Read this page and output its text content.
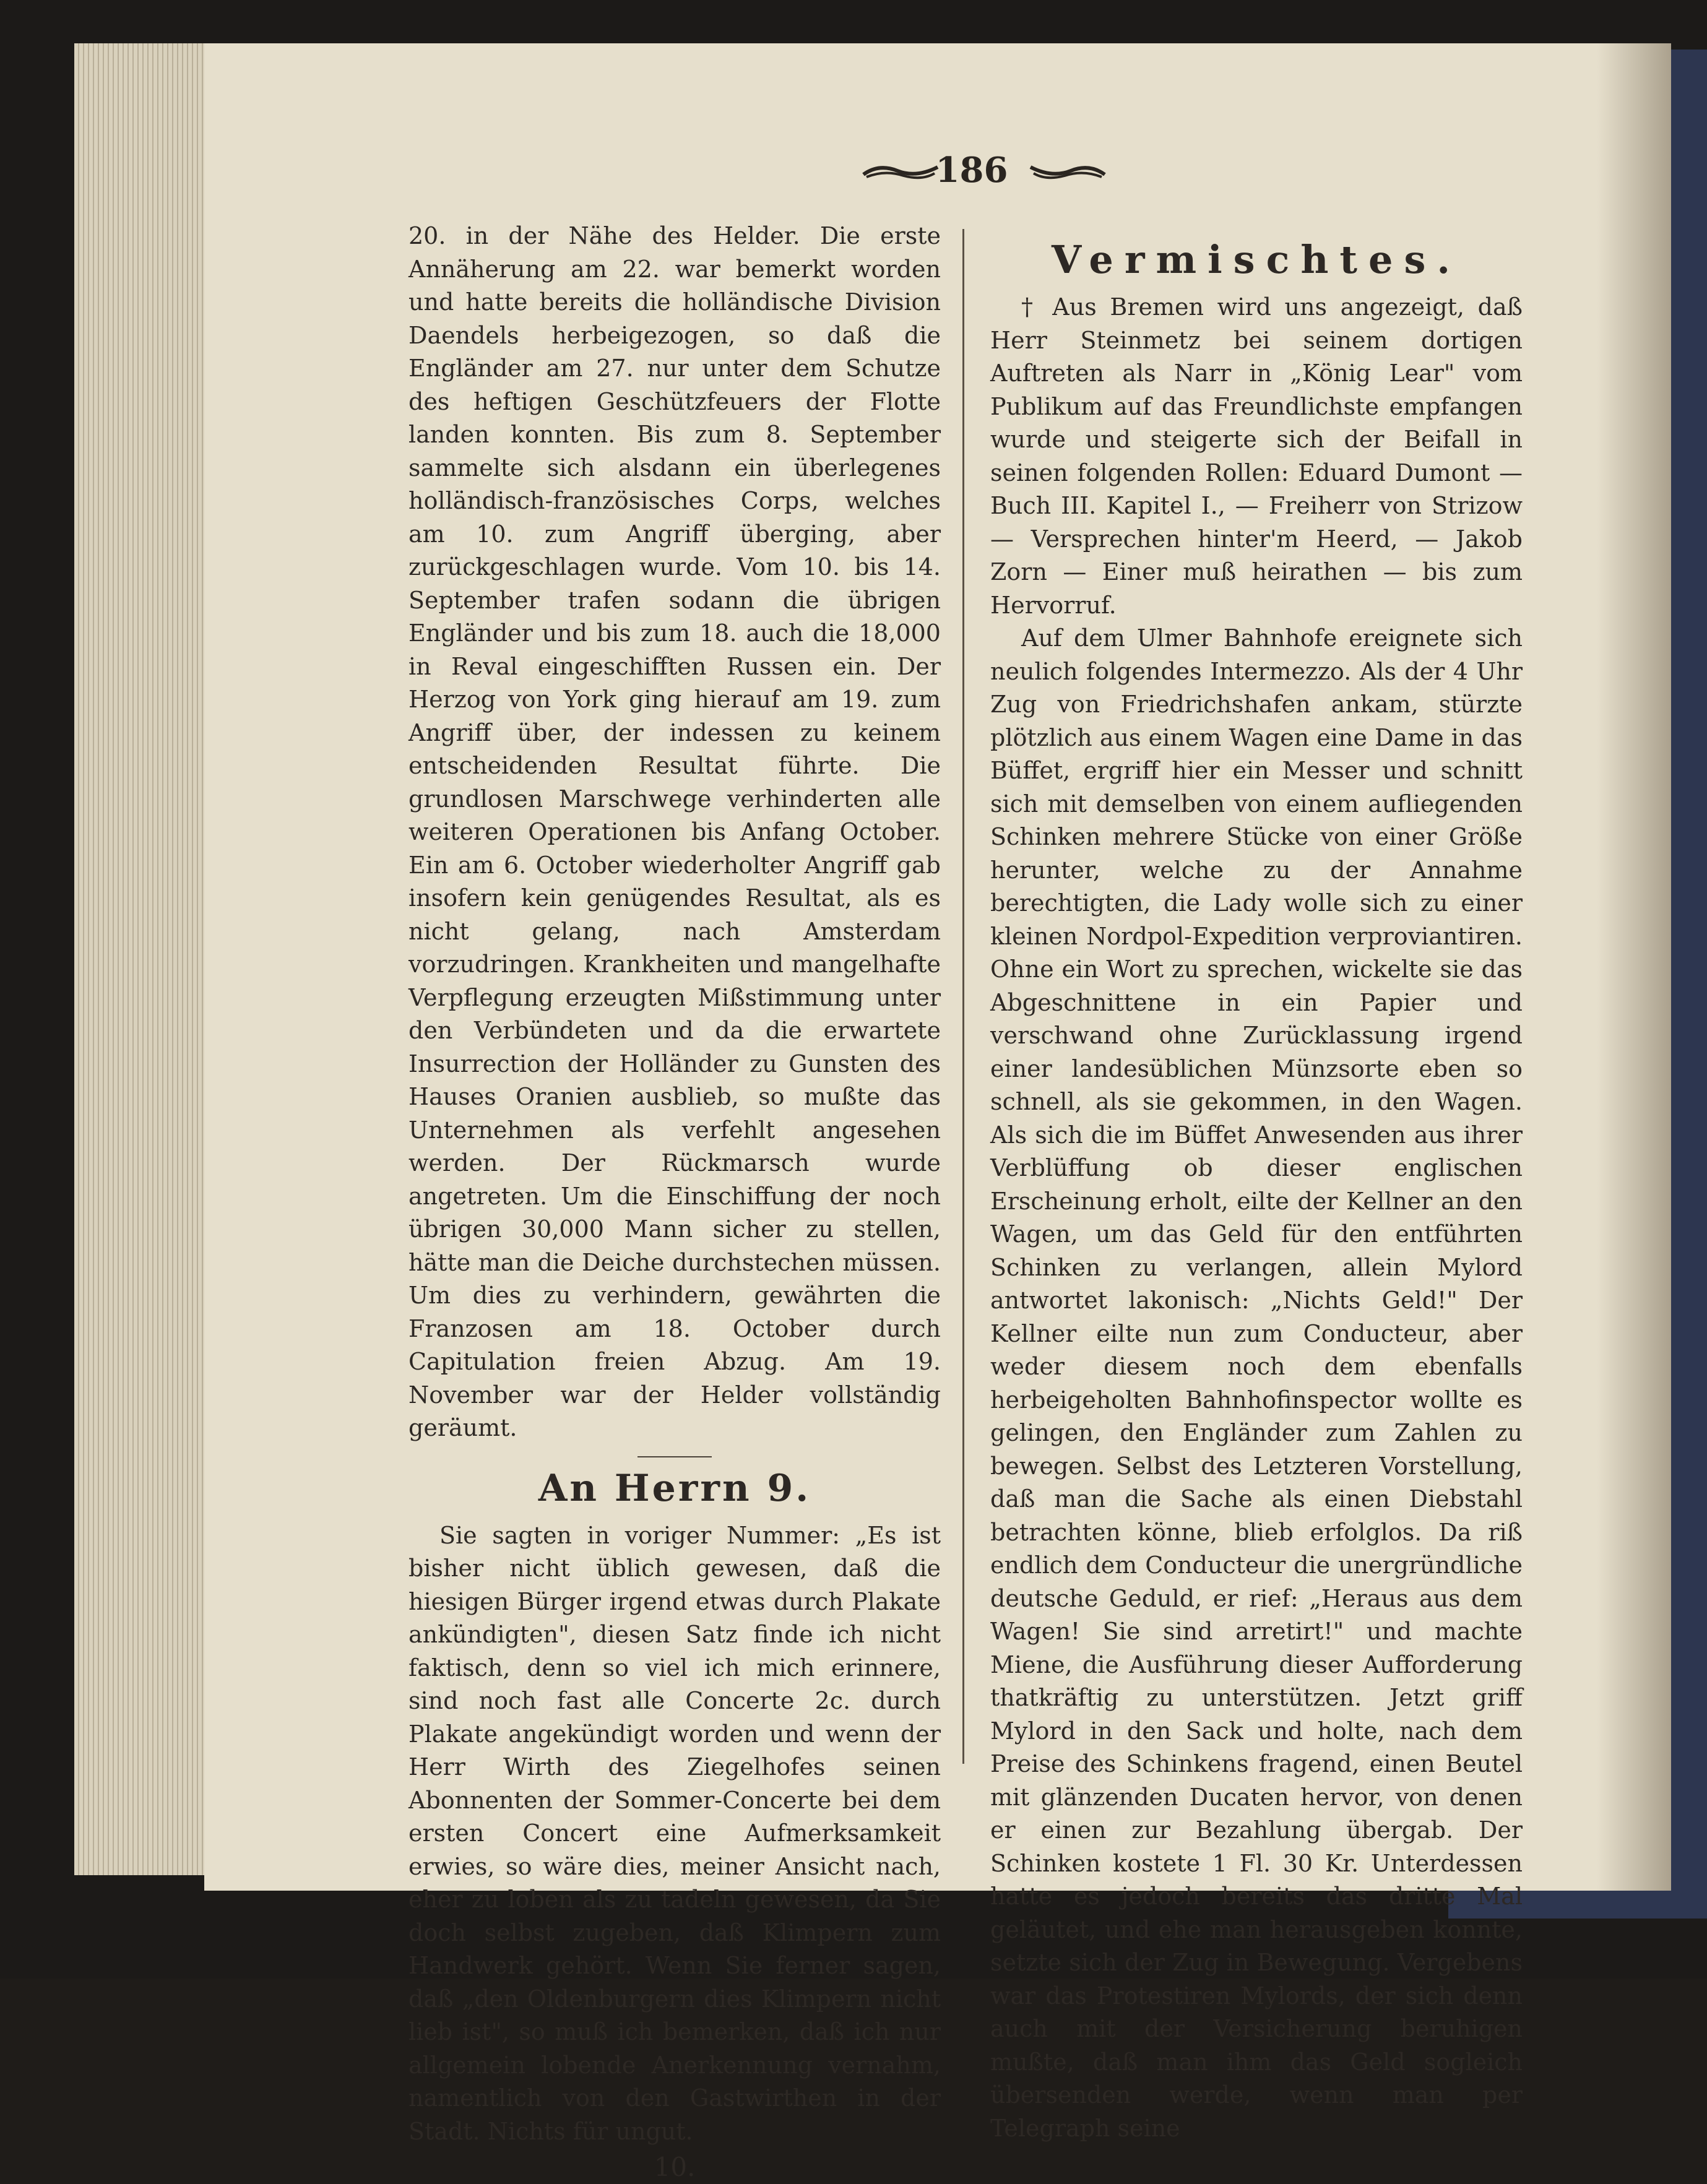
186

20. in der Nähe des Helder. Die erste Annäherung am 22. war bemerkt worden und hatte bereits die holländische Division Daendels herbeigezogen, so daß die Engländer am 27. nur unter dem Schutze des heftigen Geschützfeuers der Flotte landen konnten. Bis zum 8. September sammelte sich alsdann ein überlegenes holländisch-französisches Corps, welches am 10. zum Angriff überging, aber zurückgeschlagen wurde. Vom 10. bis 14. September trafen sodann die übrigen Engländer und bis zum 18. auch die 18,000 in Reval eingeschifften Russen ein. Der Herzog von York ging hierauf am 19. zum Angriff über, der indessen zu keinem entscheidenden Resultat führte. Die grundlosen Marschwege verhinderten alle weiteren Operationen bis Anfang October. Ein am 6. October wiederholter Angriff gab insofern kein genügendes Resultat, als es nicht gelang, nach Amsterdam vorzudringen. Krankheiten und mangelhafte Verpflegung erzeugten Mißstimmung unter den Verbündeten und da die erwartete Insurrection der Holländer zu Gunsten des Hauses Oranien ausblieb, so mußte das Unternehmen als verfehlt angesehen werden. Der Rückmarsch wurde angetreten. Um die Einschiffung der noch übrigen 30,000 Mann sicher zu stellen, hätte man die Deiche durchstechen müssen. Um dies zu verhindern, gewährten die Franzosen am 18. October durch Capitulation freien Abzug. Am 19. November war der Helder vollständig geräumt.

An Herrn 9.

Sie sagten in voriger Nummer: „Es ist bisher nicht üblich gewesen, daß die hiesigen Bürger irgend etwas durch Plakate ankündigten", diesen Satz finde ich nicht faktisch, denn so viel ich mich erinnere, sind noch fast alle Concerte 2c. durch Plakate angekündigt worden und wenn der Herr Wirth des Ziegelhofes seinen Abonnenten der Sommer-Concerte bei dem ersten Concert eine Aufmerksamkeit erwies, so wäre dies, meiner Ansicht nach, eher zu loben als zu tadeln gewesen, da Sie doch selbst zugeben, daß Klimpern zum Handwerk gehört. Wenn Sie ferner sagen, daß „den Oldenburgern dies Klimpern nicht lieb ist", so muß ich bemerken, daß ich nur allgemein lobende Anerkennung vernahm, namentlich von den Gastwirthen in der Stadt. Nichts für ungut.

10.

Vermischtes.

† Aus Bremen wird uns angezeigt, daß Herr Steinmetz bei seinem dortigen Auftreten als Narr in „König Lear" vom Publikum auf das Freundlichste empfangen wurde und steigerte sich der Beifall in seinen folgenden Rollen: Eduard Dumont — Buch III. Kapitel I., — Freiherr von Strizow — Versprechen hinter'm Heerd, — Jakob Zorn — Einer muß heirathen — bis zum Hervorruf.

Auf dem Ulmer Bahnhofe ereignete sich neulich folgendes Intermezzo. Als der 4 Uhr Zug von Friedrichshafen ankam, stürzte plötzlich aus einem Wagen eine Dame in das Büffet, ergriff hier ein Messer und schnitt sich mit demselben von einem aufliegenden Schinken mehrere Stücke von einer Größe herunter, welche zu der Annahme berechtigten, die Lady wolle sich zu einer kleinen Nordpol-Expedition verproviantiren. Ohne ein Wort zu sprechen, wickelte sie das Abgeschnittene in ein Papier und verschwand ohne Zurücklassung irgend einer landesüblichen Münzsorte eben so schnell, als sie gekommen, in den Wagen. Als sich die im Büffet Anwesenden aus ihrer Verblüffung ob dieser englischen Erscheinung erholt, eilte der Kellner an den Wagen, um das Geld für den entführten Schinken zu verlangen, allein Mylord antwortet lakonisch: „Nichts Geld!" Der Kellner eilte nun zum Conducteur, aber weder diesem noch dem ebenfalls herbeigeholten Bahnhofinspector wollte es gelingen, den Engländer zum Zahlen zu bewegen. Selbst des Letzteren Vorstellung, daß man die Sache als einen Diebstahl betrachten könne, blieb erfolglos. Da riß endlich dem Conducteur die unergründliche deutsche Geduld, er rief: „Heraus aus dem Wagen! Sie sind arretirt!" und machte Miene, die Ausführung dieser Aufforderung thatkräftig zu unterstützen. Jetzt griff Mylord in den Sack und holte, nach dem Preise des Schinkens fragend, einen Beutel mit glänzenden Ducaten hervor, von denen er einen zur Bezahlung übergab. Der Schinken kostete 1 Fl. 30 Kr. Unterdessen hatte es jedoch bereits das dritte Mal geläutet, und ehe man herausgeben konnte, setzte sich der Zug in Bewegung. Vergebens war das Protestiren Mylords, der sich denn auch mit der Versicherung beruhigen mußte, daß man ihm das Geld sogleich übersenden werde, wenn man per Telegraph seine
